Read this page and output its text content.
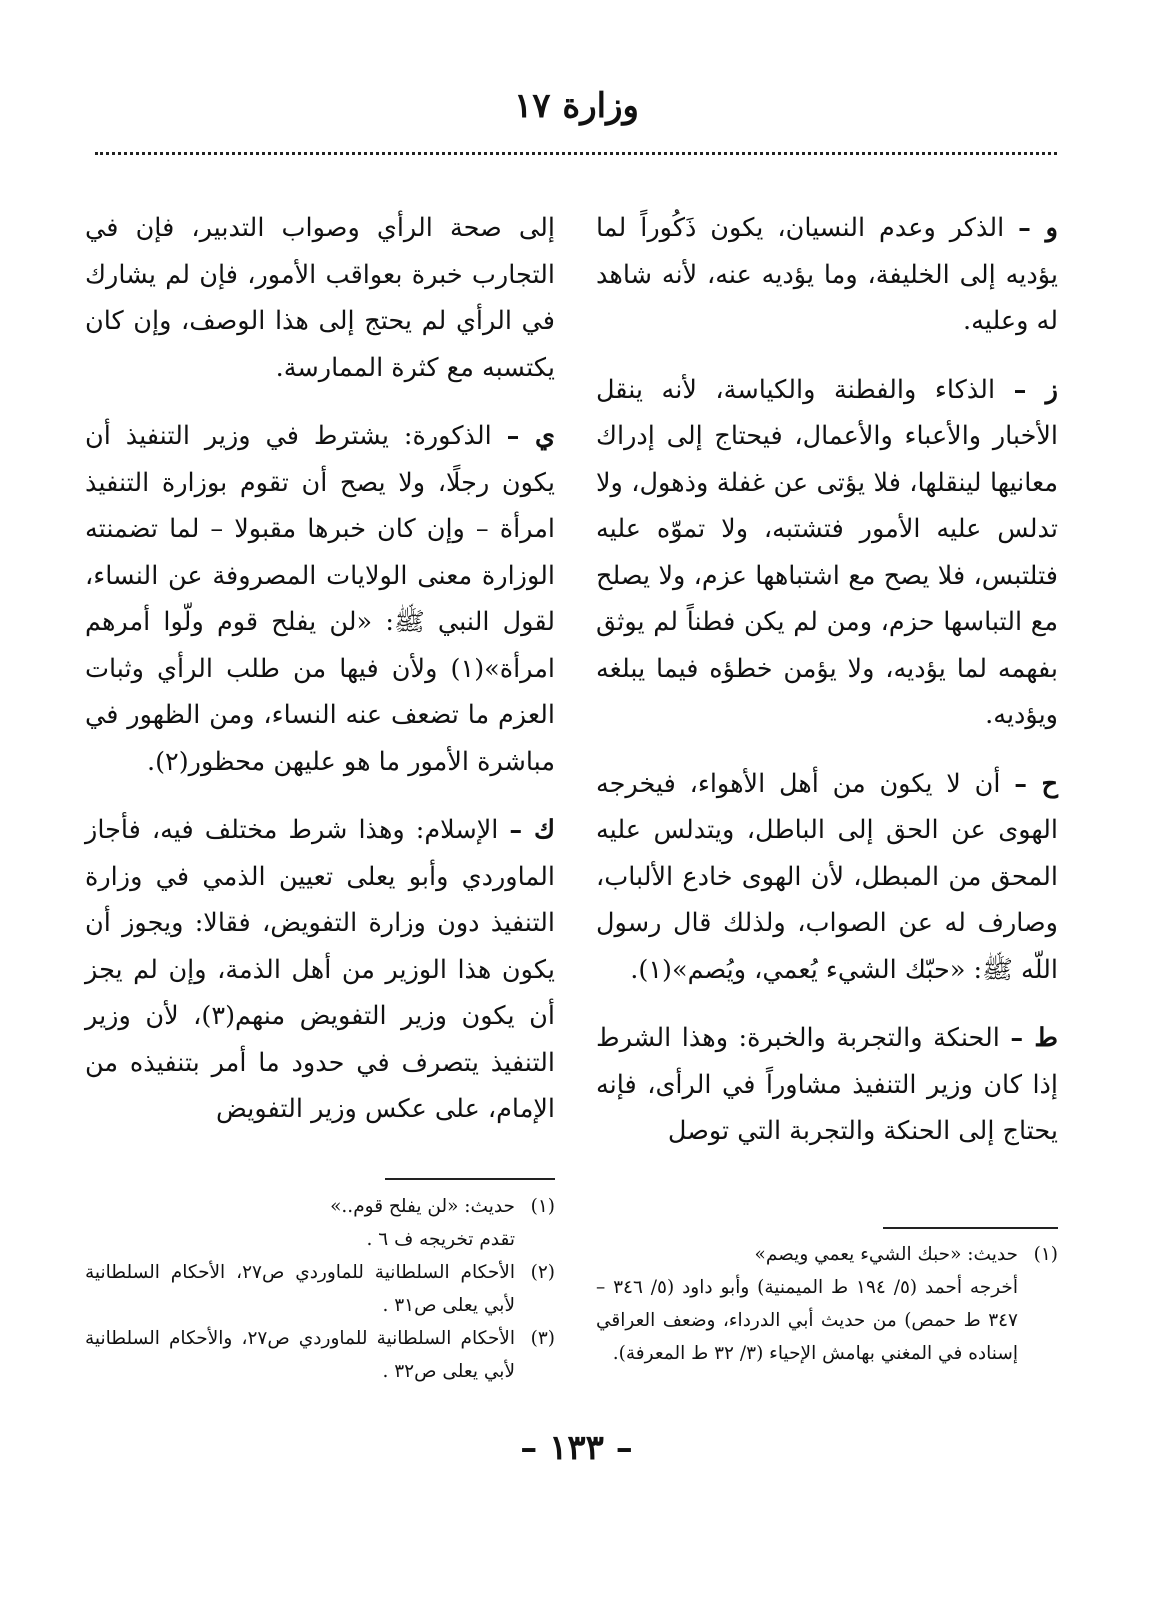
وزارة ١٧

و – الذكر وعدم النسيان، يكون ذَكُوراً لما يؤديه إلى الخليفة، وما يؤديه عنه، لأنه شاهد له وعليه.

ز – الذكاء والفطنة والكياسة، لأنه ينقل الأخبار والأعباء والأعمال، فيحتاج إلى إدراك معانيها لينقلها، فلا يؤتى عن غفلة وذهول، ولا تدلس عليه الأمور فتشتبه، ولا تموّه عليه فتلتبس، فلا يصح مع اشتباهها عزم، ولا يصلح مع التباسها حزم، ومن لم يكن فطناً لم يوثق بفهمه لما يؤديه، ولا يؤمن خطؤه فيما يبلغه ويؤديه.

ح – أن لا يكون من أهل الأهواء، فيخرجه الهوى عن الحق إلى الباطل، ويتدلس عليه المحق من المبطل، لأن الهوى خادع الألباب، وصارف له عن الصواب، ولذلك قال رسول اللّه ﷺ: «حبّك الشيء يُعمي، ويُصم»(١).

ط – الحنكة والتجربة والخبرة: وهذا الشرط إذا كان وزير التنفيذ مشاوراً في الرأى، فإنه يحتاج إلى الحنكة والتجربة التي توصل

إلى صحة الرأي وصواب التدبير، فإن في التجارب خبرة بعواقب الأمور، فإن لم يشارك في الرأي لم يحتج إلى هذا الوصف، وإن كان يكتسبه مع كثرة الممارسة.

ي – الذكورة: يشترط في وزير التنفيذ أن يكون رجلًا، ولا يصح أن تقوم بوزارة التنفيذ امرأة – وإن كان خبرها مقبولا – لما تضمنته الوزارة معنى الولايات المصروفة عن النساء، لقول النبي ﷺ: «لن يفلح قوم ولّوا أمرهم امرأة»(١) ولأن فيها من طلب الرأي وثبات العزم ما تضعف عنه النساء، ومن الظهور في مباشرة الأمور ما هو عليهن محظور(٢).

ك – الإسلام: وهذا شرط مختلف فيه، فأجاز الماوردي وأبو يعلى تعيين الذمي في وزارة التنفيذ دون وزارة التفويض، فقالا: ويجوز أن يكون هذا الوزير من أهل الذمة، وإن لم يجز أن يكون وزير التفويض منهم(٣)، لأن وزير التنفيذ يتصرف في حدود ما أمر بتنفيذه من الإمام، على عكس وزير التفويض

(١)
حديث: «حبك الشيء يعمي ويصم»
أخرجه أحمد (٥/ ١٩٤ ط الميمنية) وأبو داود (٥/ ٣٤٦ – ٣٤٧ ط حمص) من حديث أبي الدرداء، وضعف العراقي إسناده في المغني بهامش الإحياء (٣/ ٣٢ ط المعرفة).
(١)
حديث: «لن يفلح قوم..»
تقدم تخريجه ف ٦ .
(٢)
الأحكام السلطانية للماوردي ص٢٧، الأحكام السلطانية لأبي يعلى ص٣١ .
(٣)
الأحكام السلطانية للماوردي ص٢٧، والأحكام السلطانية لأبي يعلى ص٣٢ .
– ١٣٣ –
